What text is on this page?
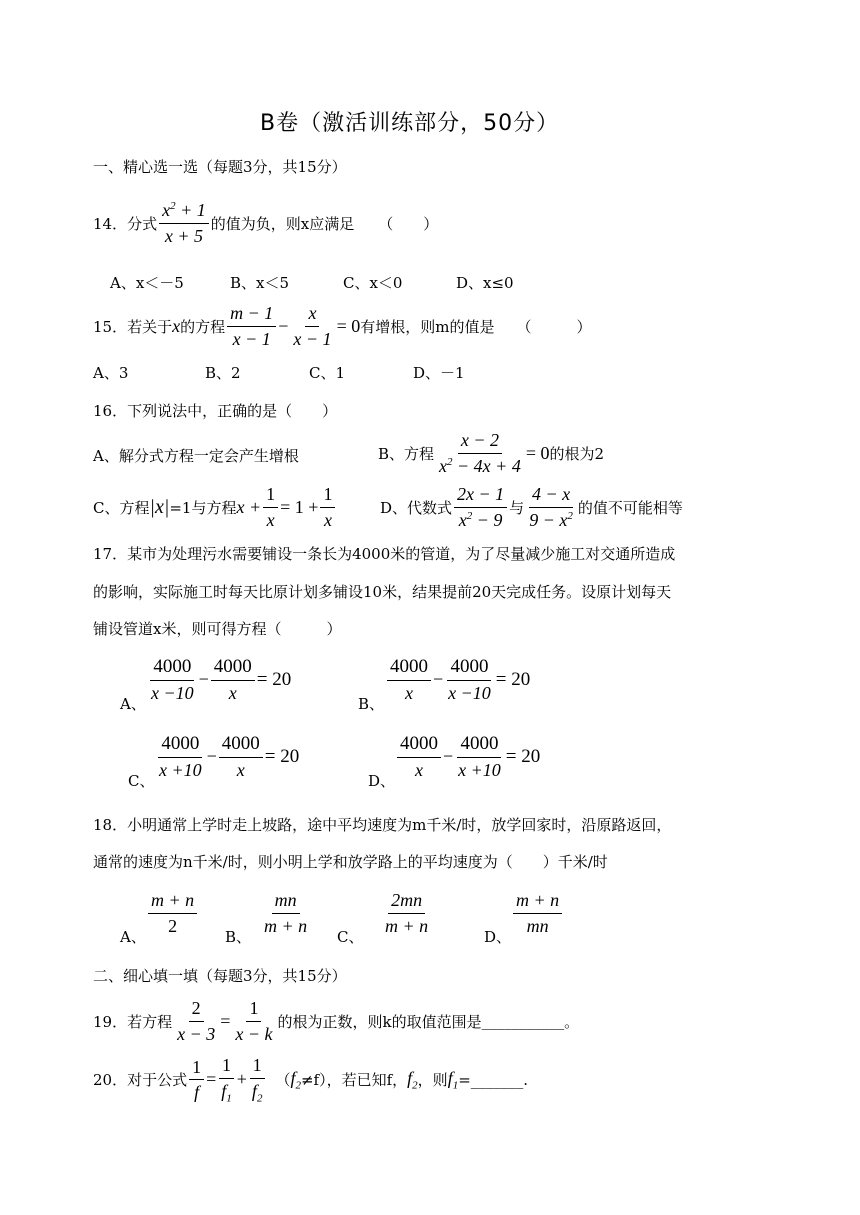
B卷（激活训练部分，50分）
一、精心选一选（每题3分，共15分）
14．分式 $\frac{x^2 + 1}{x + 5}$ 的值为负，则x应满足 （　　）
A、x＜－5	B、x＜5	C、x＜0	D、x≤0
15．若关于 x 的方程 $\frac{m - 1}{x - 1} - \frac{x}{x - 1} = 0$ 有增根，则m的值是 （　　　）
A、3	B、2	C、1	D、－1
16．下列说法中，正确的是（　　）
A、解分式方程一定会产生增根	B、方程 $\frac{x - 2}{x^2 - 4x + 4} = 0$ 的根为2
C、方程 |x| =1与方程 $x + \frac{1}{x} = 1 + \frac{1}{x}$	D、代数式 $\frac{2x - 1}{x^2 - 9}$ 与 $\frac{4 - x}{9 - x^2}$ 的值不可能相等
17．某市为处理污水需要铺设一条长为4000米的管道，为了尽量减少施工对交通所造成
的影响，实际施工时每天比原计划多铺设10米，结果提前20天完成任务。设原计划每天
铺设管道x米，则可得方程（　　　）
A、
$\frac{4000}{x -10} - \frac{4000}{x} = 20$
B、
$\frac{4000}{x} - \frac{4000}{x -10} = 20$
C、
$\frac{4000}{x +10} - \frac{4000}{x} = 20$
D、
$\frac{4000}{x} - \frac{4000}{x +10} = 20$
18．小明通常上学时走上坡路，途中平均速度为m千米/时，放学回家时，沿原路返回，
通常的速度为n千米/时，则小明上学和放学路上的平均速度为（　　）千米/时
A、
$\frac{m + n}{2}$
B、
$\frac{mn}{m + n}$
C、
$\frac{2mn}{m + n}$
D、
$\frac{m + n}{mn}$
二、细心填一填（每题3分，共15分）
19．若方程 $\frac{2}{x - 3} = \frac{1}{x - k}$ 的根为正数，则k的取值范围是 ___________ 。
20．对于公式 $\frac{1}{f} = \frac{1}{f_1} + \frac{1}{f_2}$ （ $f_2 \ne f$），若已知f， $f_2$ ，则 $f_1$ =_______ .
